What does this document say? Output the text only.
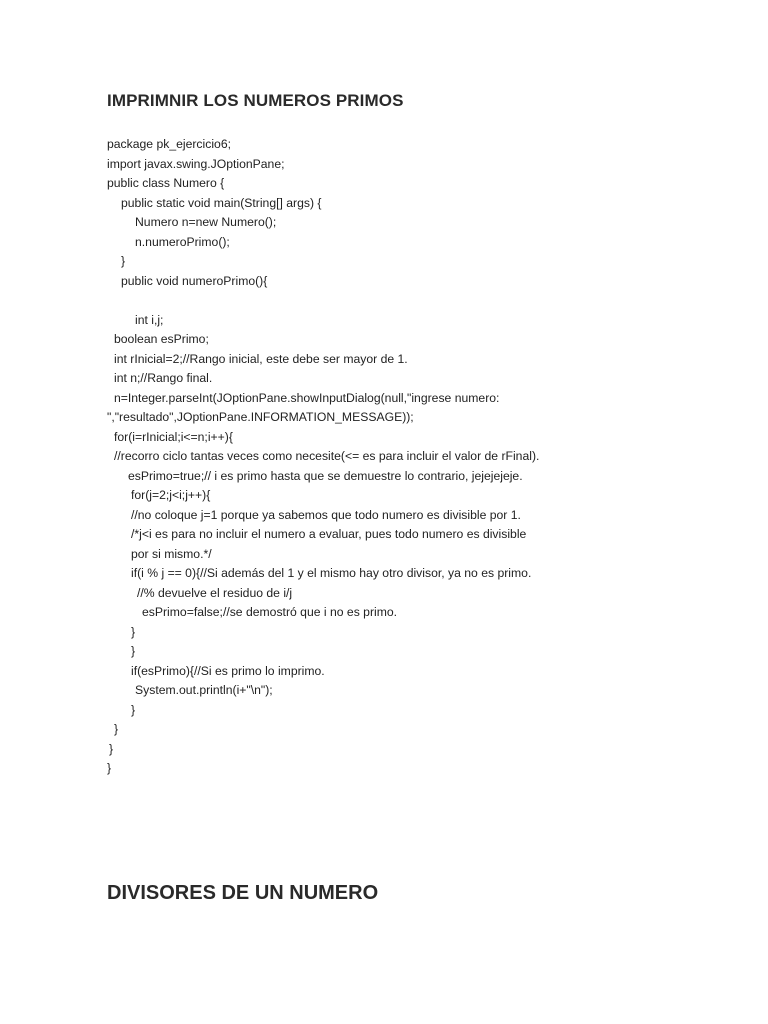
IMPRIMNIR LOS NUMEROS PRIMOS
package pk_ejercicio6;
import javax.swing.JOptionPane;
public class Numero {
public static void main(String[] args) {
Numero n=new Numero();
n.numeroPrimo();
}
public void numeroPrimo(){
int i,j;
boolean esPrimo;
int rInicial=2;//Rango inicial, este debe ser mayor de 1.
int n;//Rango final.
n=Integer.parseInt(JOptionPane.showInputDialog(null,"ingrese numero:
","resultado",JOptionPane.INFORMATION_MESSAGE));
for(i=rInicial;i<=n;i++){
//recorro ciclo tantas veces como necesite(<= es para incluir el valor de rFinal).
esPrimo=true;// i es primo hasta que se demuestre lo contrario, jejejejeje.
for(j=2;j<i;j++){
//no coloque j=1 porque ya sabemos que todo numero es divisible por 1.
/*j<i es para no incluir el numero a evaluar, pues todo numero es divisible
por si mismo.*/
if(i % j == 0){//Si además del 1 y el mismo hay otro divisor, ya no es primo.
//% devuelve el residuo de i/j
esPrimo=false;//se demostró que i no es primo.
}
}
if(esPrimo){//Si es primo lo imprimo.
System.out.println(i+"\n");
}
}
}
}
DIVISORES DE UN NUMERO
